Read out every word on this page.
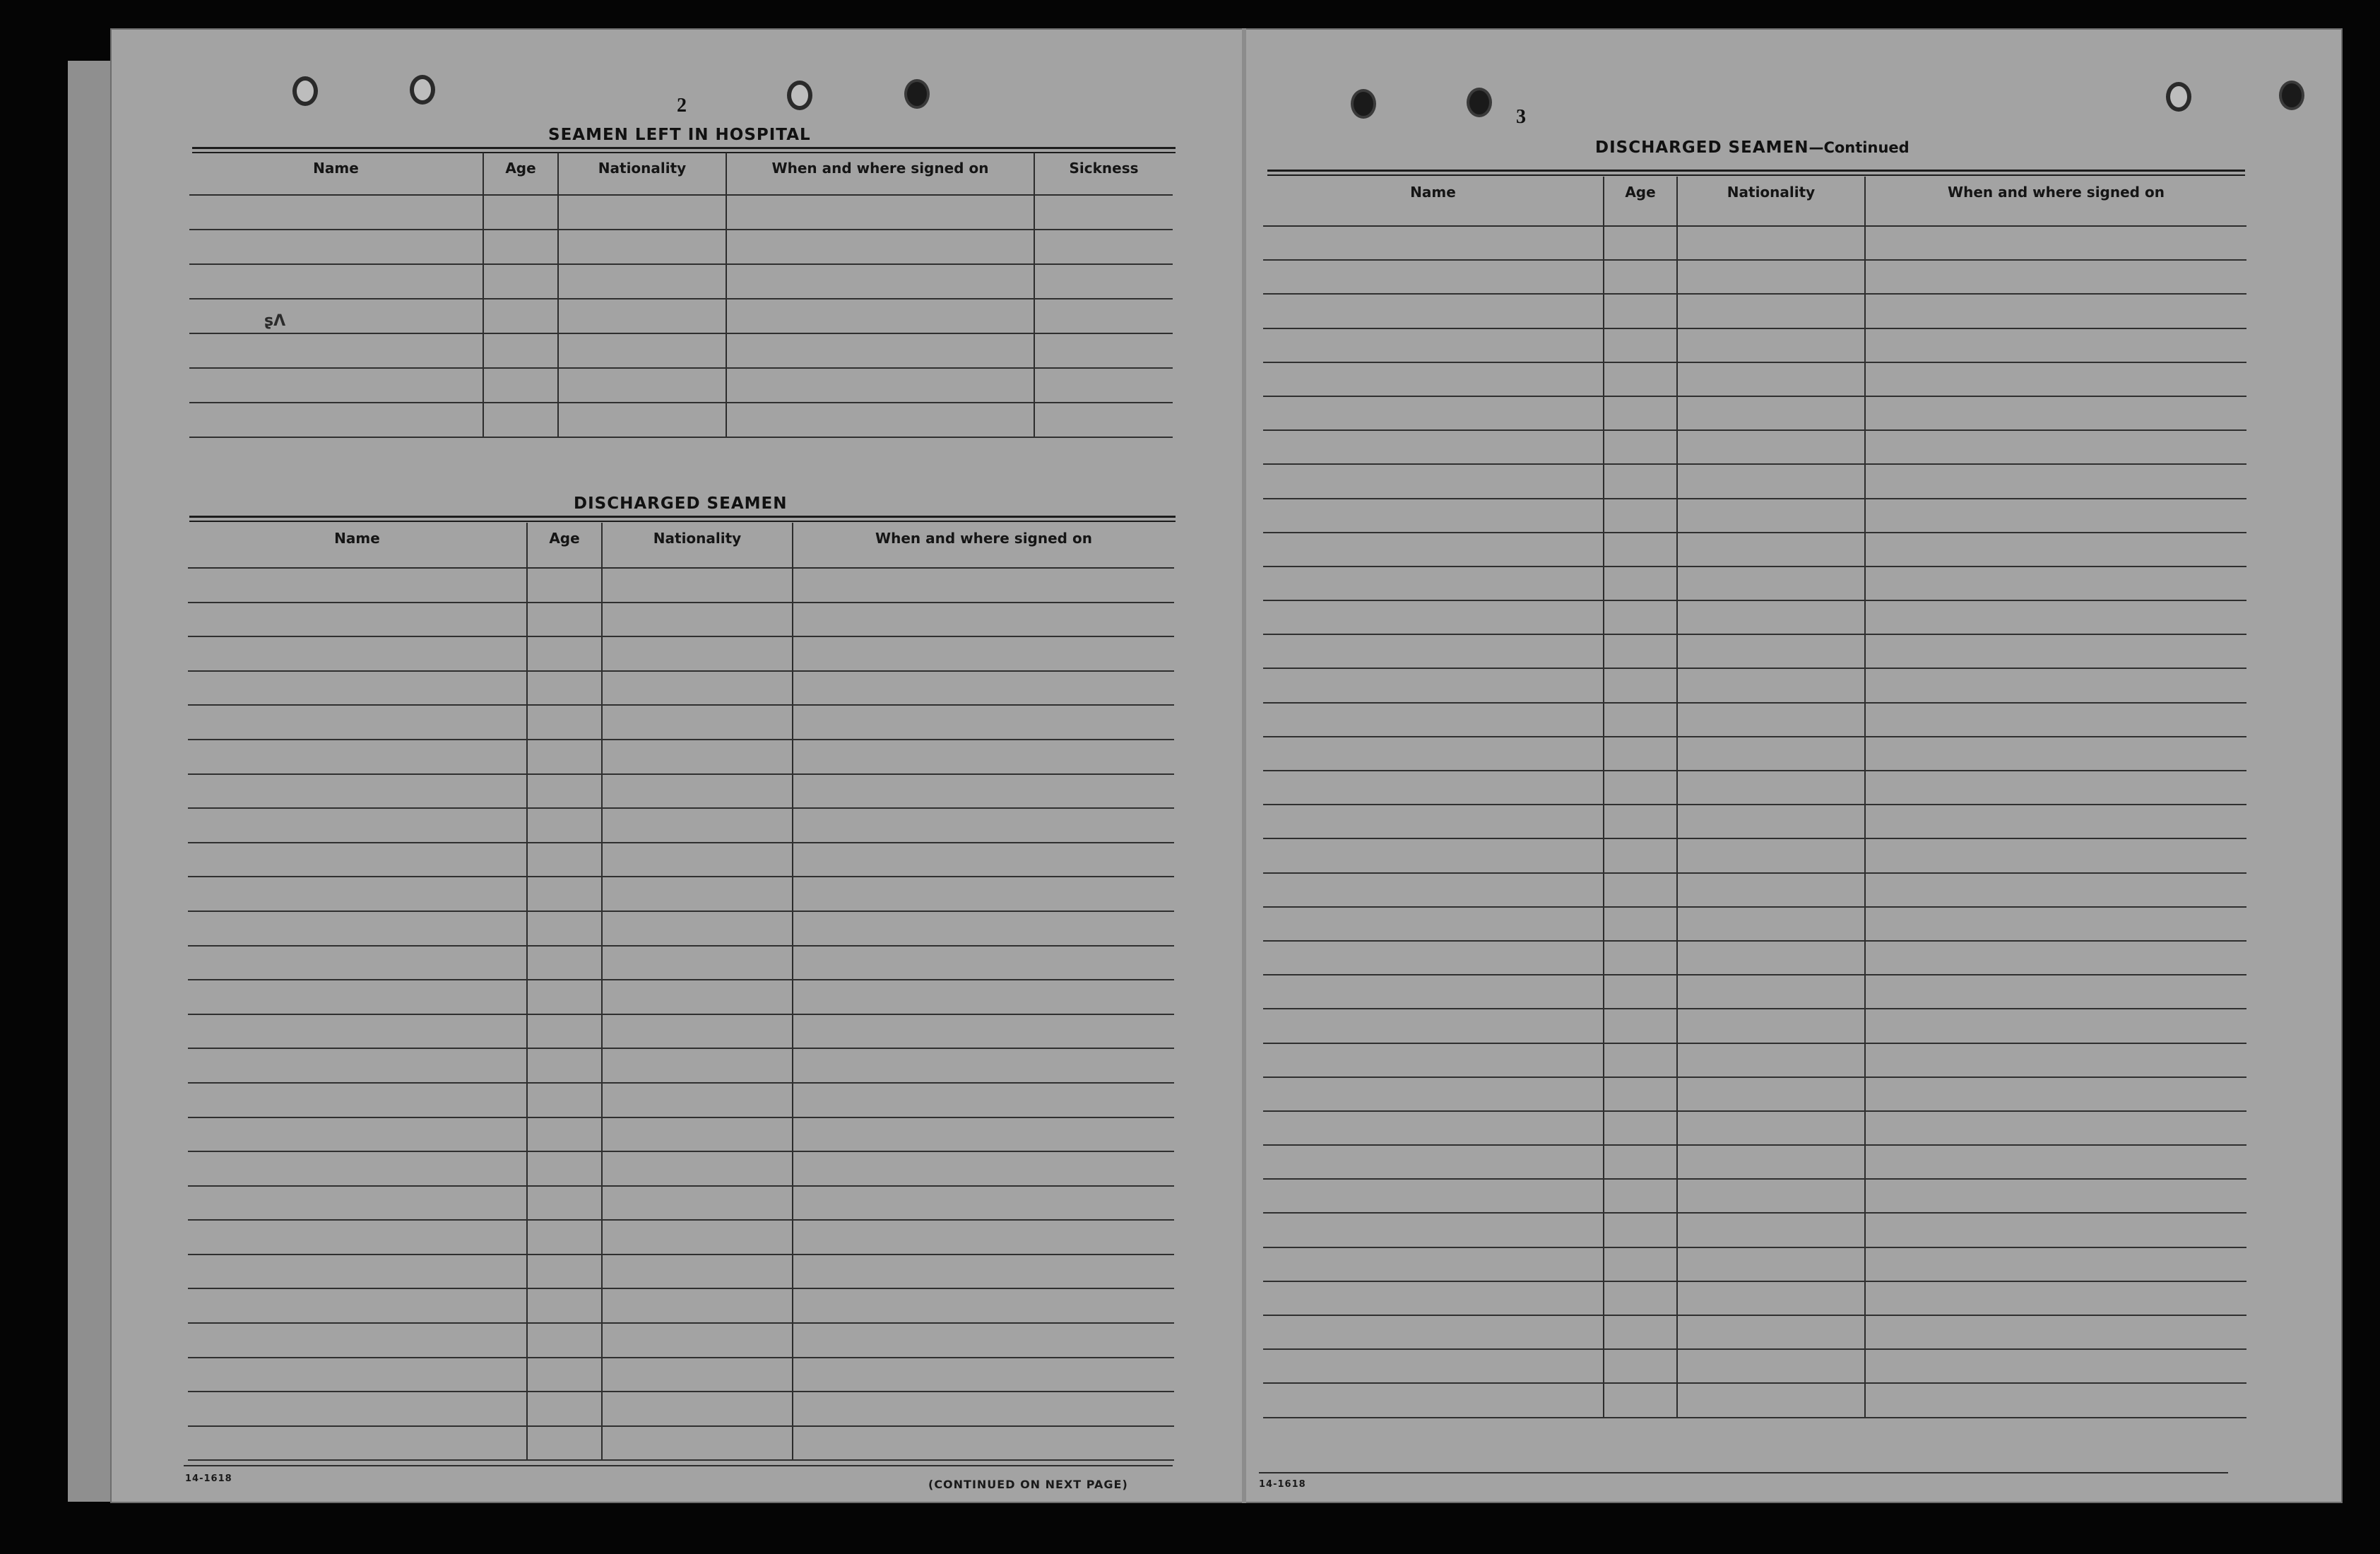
2
SEAMEN LEFT IN HOSPITAL
Name	Age	Nationality	When and where signed on	Sickness

ʂɅ
DISCHARGED SEAMEN
Name	Age	Nationality	When and where signed on

14-1618	(CONTINUED ON NEXT PAGE)
3
DISCHARGED SEAMEN—Continued
Name	Age	Nationality	When and where signed on

14-1618
